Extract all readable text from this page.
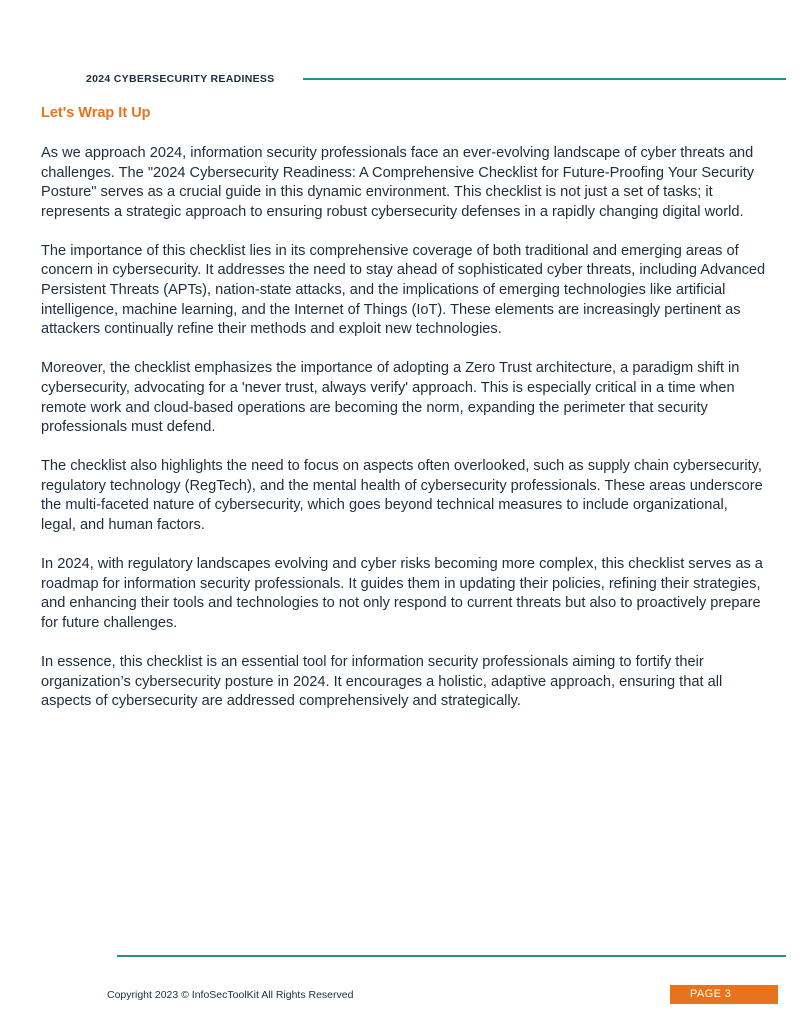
2024 CYBERSECURITY READINESS
Let's Wrap It Up

As we approach 2024, information security professionals face an ever-evolving landscape of cyber threats and challenges. The "2024 Cybersecurity Readiness: A Comprehensive Checklist for Future-Proofing Your Security Posture" serves as a crucial guide in this dynamic environment. This checklist is not just a set of tasks; it represents a strategic approach to ensuring robust cybersecurity defenses in a rapidly changing digital world.

The importance of this checklist lies in its comprehensive coverage of both traditional and emerging areas of concern in cybersecurity. It addresses the need to stay ahead of sophisticated cyber threats, including Advanced Persistent Threats (APTs), nation-state attacks, and the implications of emerging technologies like artificial intelligence, machine learning, and the Internet of Things (IoT). These elements are increasingly pertinent as attackers continually refine their methods and exploit new technologies.

Moreover, the checklist emphasizes the importance of adopting a Zero Trust architecture, a paradigm shift in cybersecurity, advocating for a 'never trust, always verify' approach. This is especially critical in a time when remote work and cloud-based operations are becoming the norm, expanding the perimeter that security professionals must defend.

The checklist also highlights the need to focus on aspects often overlooked, such as supply chain cybersecurity, regulatory technology (RegTech), and the mental health of cybersecurity professionals. These areas underscore the multi-faceted nature of cybersecurity, which goes beyond technical measures to include organizational, legal, and human factors.

In 2024, with regulatory landscapes evolving and cyber risks becoming more complex, this checklist serves as a roadmap for information security professionals. It guides them in updating their policies, refining their strategies, and enhancing their tools and technologies to not only respond to current threats but also to proactively prepare for future challenges.

In essence, this checklist is an essential tool for information security professionals aiming to fortify their organization’s cybersecurity posture in 2024. It encourages a holistic, adaptive approach, ensuring that all aspects of cybersecurity are addressed comprehensively and strategically.

Copyright 2023 © InfoSecToolKit All Rights Reserved	PAGE 3
